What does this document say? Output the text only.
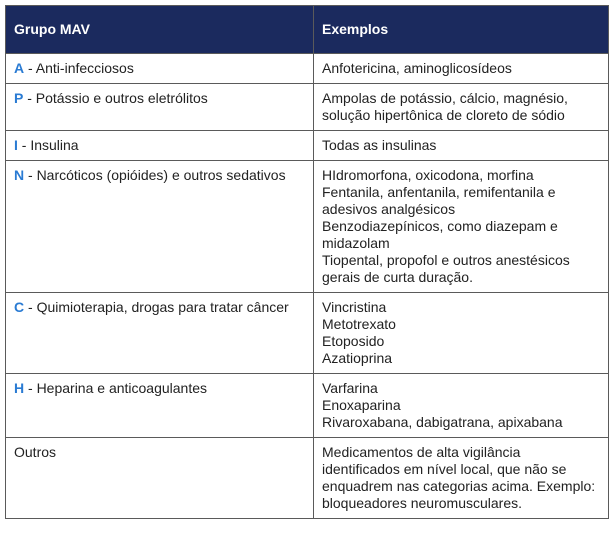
Grupo MAV	Exemplos
A - Anti-infecciosos	Anfotericina, aminoglicosídeos

P - Potássio e outros eletrólitos	Ampolas de potássio, cálcio, magnésio, solução hipertônica de cloreto de sódio

I - Insulina	Todas as insulinas

N - Narcóticos (opióides) e outros sedativos	HIdromorfona, oxicodona, morfina
Fentanila, anfentanila, remifentanila e adesivos analgésicos
Benzodiazepínicos, como diazepam e midazolam
Tiopental, propofol e outros anestésicos gerais de curta duração.

C - Quimioterapia, drogas para tratar câncer	Vincristina
Metotrexato
Etoposido
Azatioprina

H - Heparina e anticoagulantes	Varfarina
Enoxaparina
Rivaroxabana, dabigatrana, apixabana

Outros	Medicamentos de alta vigilância identificados em nível local, que não se enquadrem nas categorias acima. Exemplo: bloqueadores neuromusculares.
